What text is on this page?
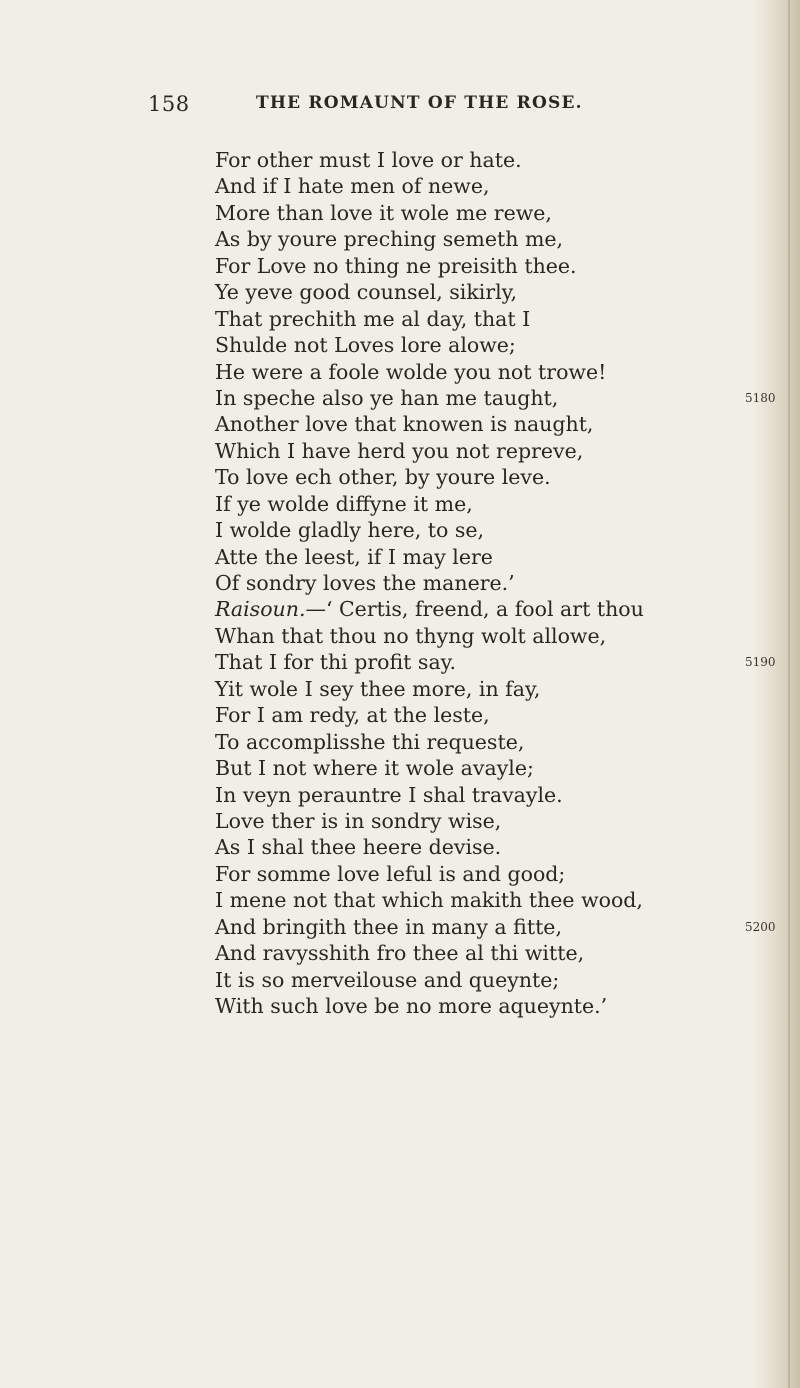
158	THE ROMAUNT OF THE ROSE.
For other must I love or hate.
And if I hate men of newe,
More than love it wole me rewe,
As by youre preching semeth me,
For Love no thing ne preisith thee.
Ye yeve good counsel, sikirly,
That prechith me al day, that I
Shulde not Loves lore alowe;
He were a foole wolde you not trowe!
In speche also ye han me taught,	5180
Another love that knowen is naught,
Which I have herd you not repreve,
To love ech other, by youre leve.
If ye wolde diffyne it me,
I wolde gladly here, to se,
Atte the leest, if I may lere
Of sondry loves the manere.’
Raisoun.—‘ Certis, freend, a fool art thou
Whan that thou no thyng wolt allowe,
That I for thi profit say.	5190
Yit wole I sey thee more, in fay,
For I am redy, at the leste,
To accomplisshe thi requeste,
But I not where it wole avayle;
In veyn perauntre I shal travayle.
Love ther is in sondry wise,
As I shal thee heere devise.
For somme love leful is and good;
I mene not that which makith thee wood,
And bringith thee in many a fitte,	5200
And ravysshith fro thee al thi witte,
It is so merveilouse and queynte;
With such love be no more aqueynte.’
